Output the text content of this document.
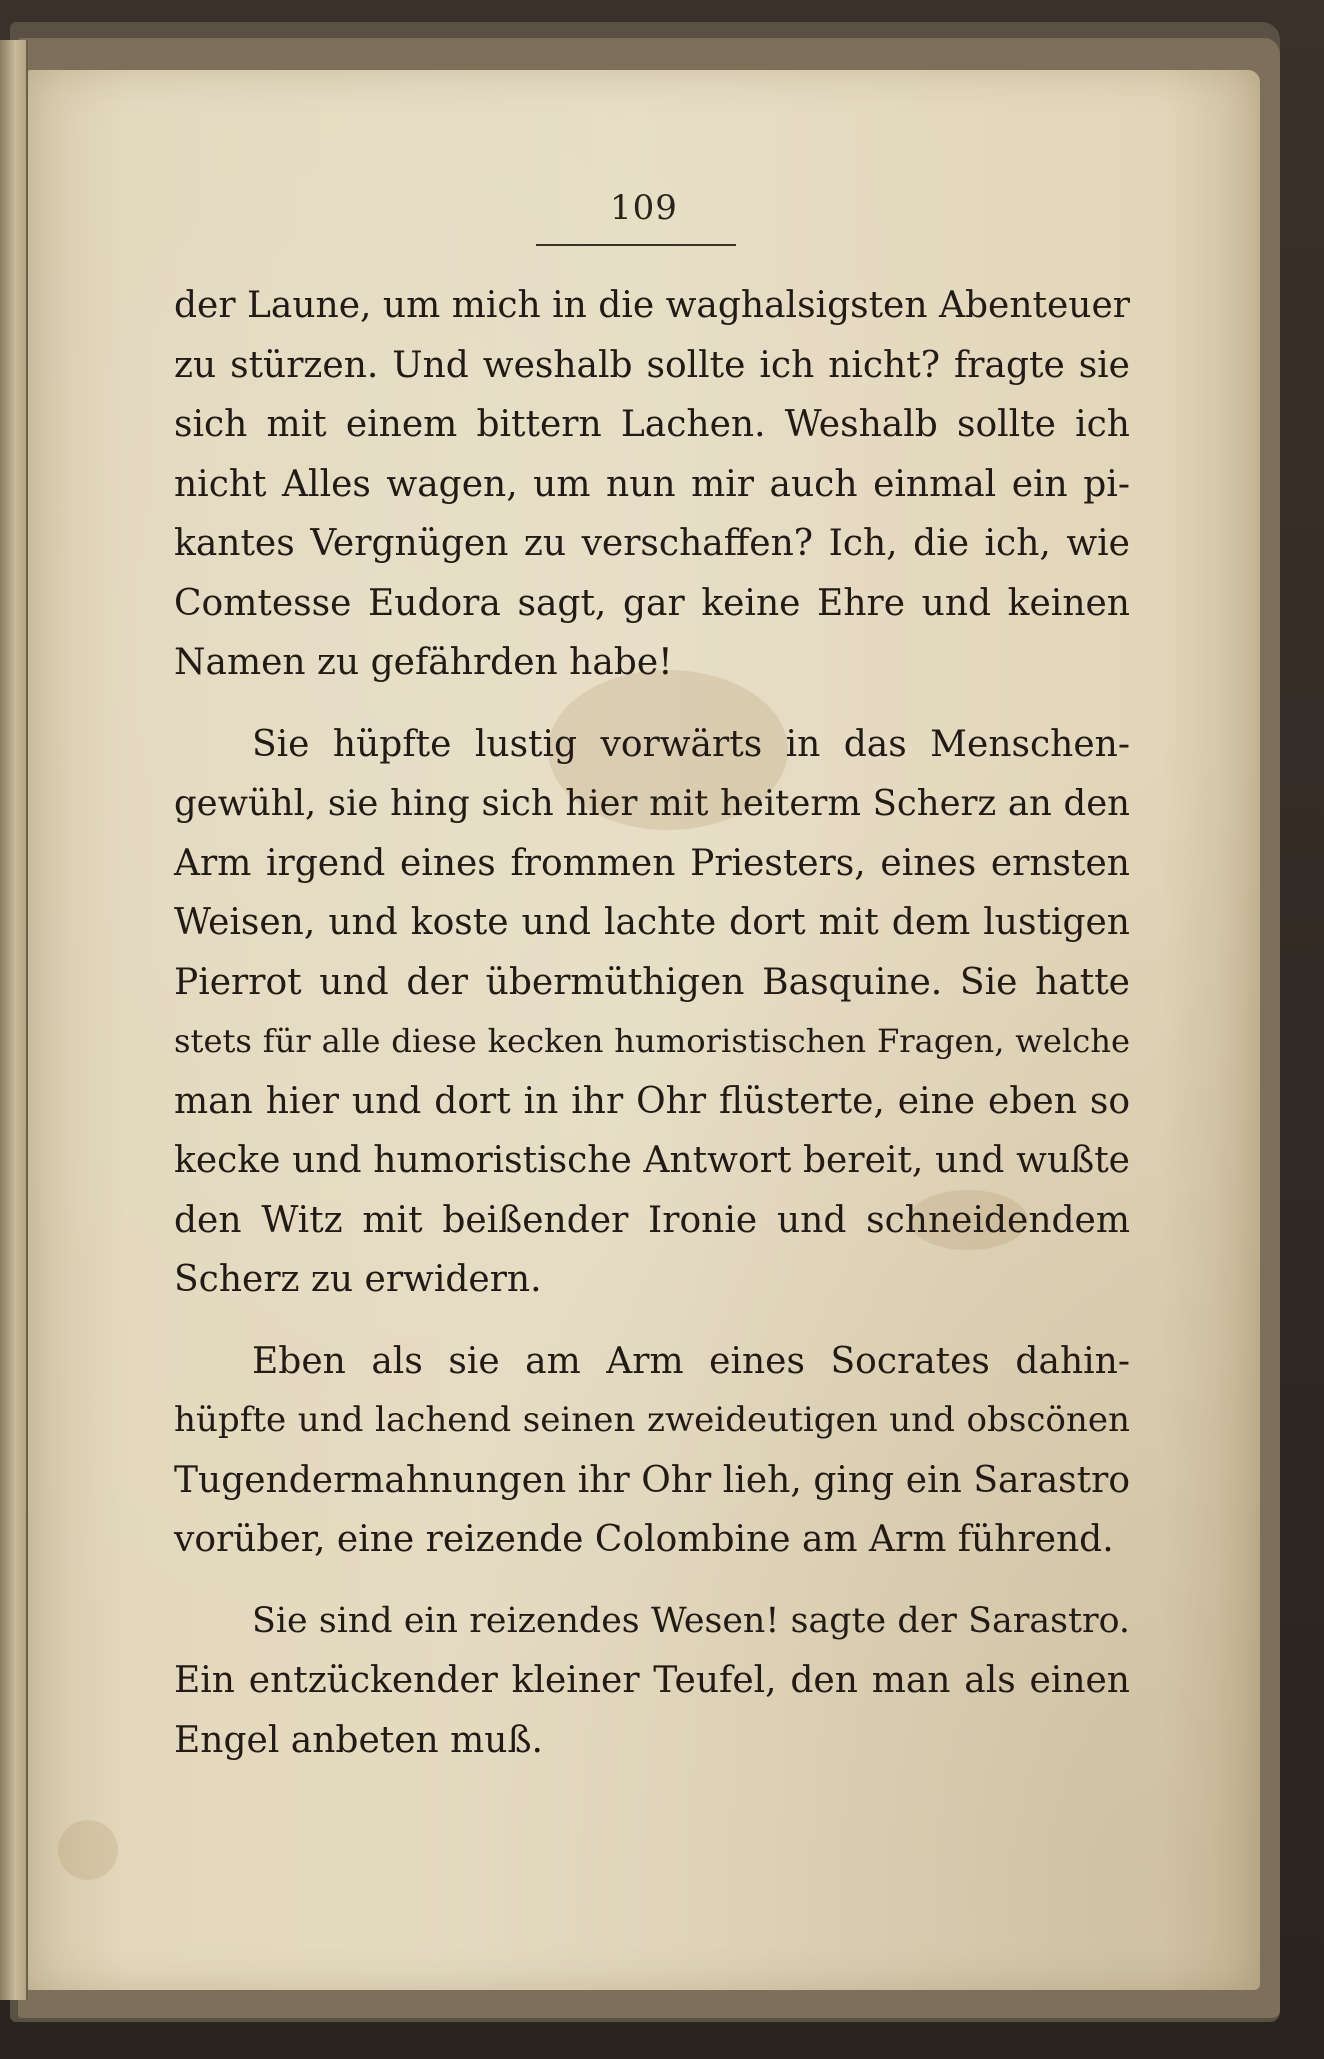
109

der Laune, um mich in die waghalsigsten Abenteuer
zu stürzen. Und weshalb sollte ich nicht? fragte sie
sich mit einem bittern Lachen. Weshalb sollte ich
nicht Alles wagen, um nun mir auch einmal ein pi-
kantes Vergnügen zu verschaffen? Ich, die ich, wie
Comtesse Eudora sagt, gar keine Ehre und keinen
Namen zu gefährden habe!

Sie hüpfte lustig vorwärts in das Menschen-
gewühl, sie hing sich hier mit heiterm Scherz an den
Arm irgend eines frommen Priesters, eines ernsten
Weisen, und koste und lachte dort mit dem lustigen
Pierrot und der übermüthigen Basquine. Sie hatte
stets für alle diese kecken humoristischen Fragen, welche
man hier und dort in ihr Ohr flüsterte, eine eben so
kecke und humoristische Antwort bereit, und wußte
den Witz mit beißender Ironie und schneidendem
Scherz zu erwidern.

Eben als sie am Arm eines Socrates dahin-
hüpfte und lachend seinen zweideutigen und obscönen
Tugendermahnungen ihr Ohr lieh, ging ein Sarastro
vorüber, eine reizende Colombine am Arm führend.

Sie sind ein reizendes Wesen! sagte der Sarastro.
Ein entzückender kleiner Teufel, den man als einen
Engel anbeten muß.
